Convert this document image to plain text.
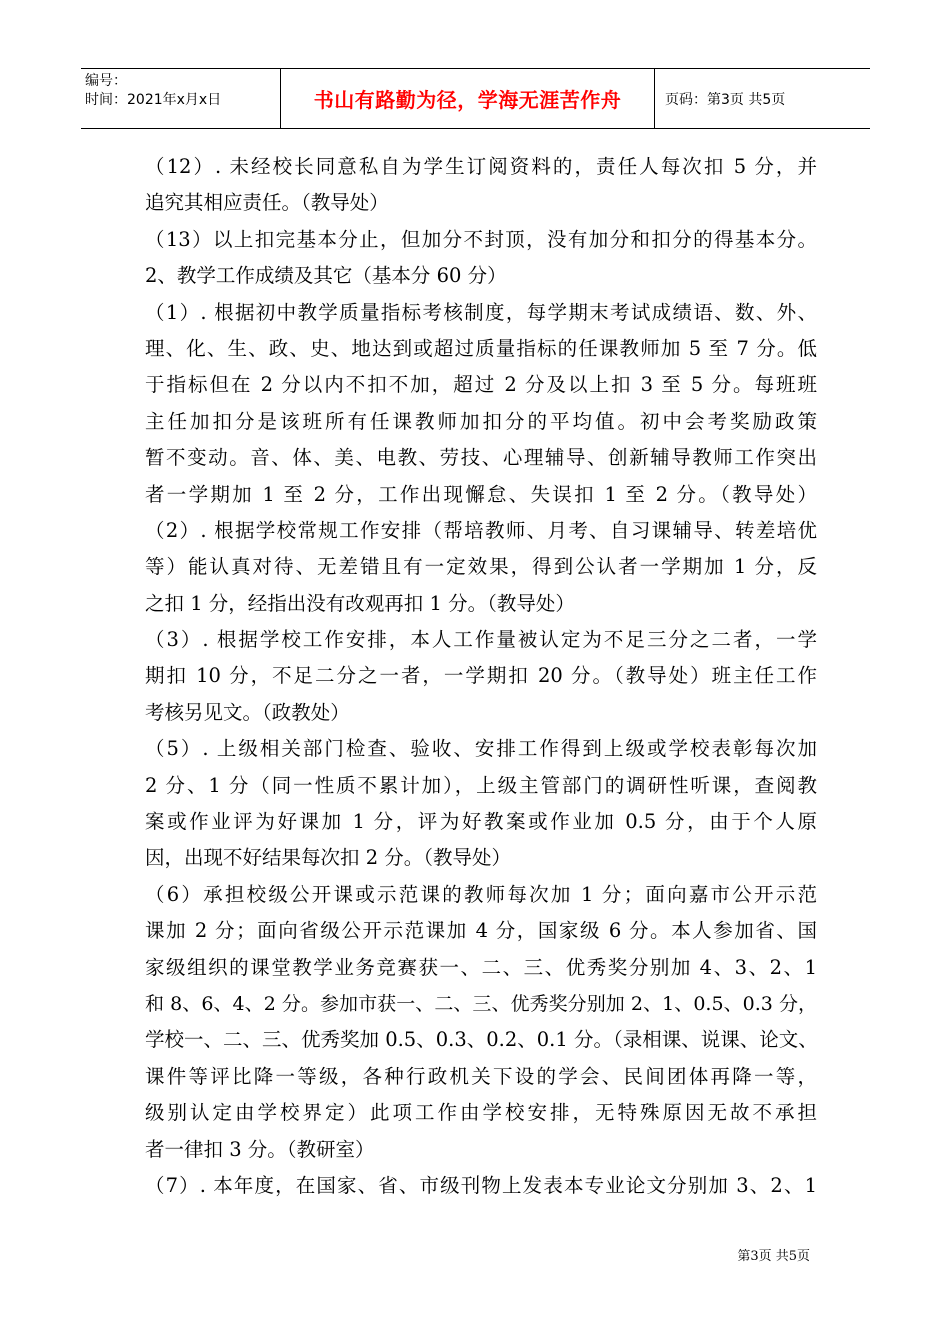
编号：
时间：2021年x月x日	书山有路勤为径，学海无涯苦作舟	页码：第3页 共5页
（12）. 未经校长同意私自为学生订阅资料的，责任人每次扣 5 分，并
追究其相应责任。（教导处）
（13）以上扣完基本分止，但加分不封顶，没有加分和扣分的得基本分。
2、教学工作成绩及其它（基本分 60 分）
（1）. 根据初中教学质量指标考核制度，每学期末考试成绩语、数、外、
理、化、生、政、史、地达到或超过质量指标的任课教师加 5 至 7 分。低
于指标但在 2 分以内不扣不加，超过 2 分及以上扣 3 至 5 分。每班班
主任加扣分是该班所有任课教师加扣分的平均值。初中会考奖励政策
暂不变动。音、体、美、电教、劳技、心理辅导、创新辅导教师工作突出
者一学期加 1 至 2 分，工作出现懈怠、失误扣 1 至 2 分。（教导处）
（2）. 根据学校常规工作安排（帮培教师、月考、自习课辅导、转差培优
等）能认真对待、无差错且有一定效果，得到公认者一学期加 1 分，反
之扣 1 分，经指出没有改观再扣 1 分。（教导处）
（3）. 根据学校工作安排，本人工作量被认定为不足三分之二者，一学
期扣 10 分，不足二分之一者，一学期扣 20 分。（教导处）班主任工作
考核另见文。（政教处）
（5）. 上级相关部门检查、验收、安排工作得到上级或学校表彰每次加
2 分、1 分（同一性质不累计加），上级主管部门的调研性听课，查阅教
案或作业评为好课加 1 分，评为好教案或作业加 0.5 分，由于个人原
因，出现不好结果每次扣 2 分。（教导处）
（6）承担校级公开课或示范课的教师每次加 1 分；面向嘉市公开示范
课加 2 分；面向省级公开示范课加 4 分，国家级 6 分。本人参加省、国
家级组织的课堂教学业务竞赛获一、二、三、优秀奖分别加 4、3、2、1
和 8、6、4、2 分。参加市获一、二、三、优秀奖分别加 2、1、0.5、0.3 分，
学校一、二、三、优秀奖加 0.5、0.3、0.2、0.1 分。（录相课、说课、论文、
课件等评比降一等级，各种行政机关下设的学会、民间团体再降一等，
级别认定由学校界定）此项工作由学校安排，无特殊原因无故不承担
者一律扣 3 分。（教研室）
（7）. 本年度，在国家、省、市级刊物上发表本专业论文分别加 3、2、1
第3页 共5页
